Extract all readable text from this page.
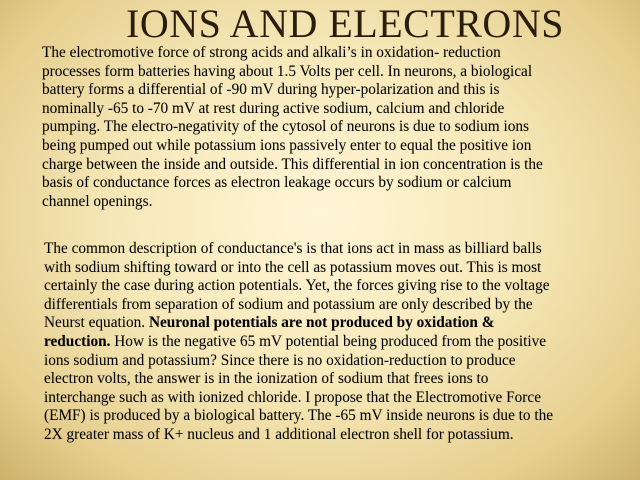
IONS AND ELECTRONS

The electromotive force of strong acids and alkali’s in oxidation- reduction
processes form batteries having about 1.5 Volts per cell. In neurons, a biological
battery forms a differential of -90 mV during hyper-polarization and this is
nominally -65 to -70 mV at rest during active sodium, calcium and chloride
pumping. The electro-negativity of the cytosol of neurons is due to sodium ions
being pumped out while potassium ions passively enter to equal the positive ion
charge between the inside and outside. This differential in ion concentration is the
basis of conductance forces as electron leakage occurs by sodium or calcium
channel openings.

The common description of conductance's is that ions act in mass as billiard balls
with sodium shifting toward or into the cell as potassium moves out. This is most
certainly the case during action potentials. Yet, the forces giving rise to the voltage
differentials from separation of sodium and potassium are only described by the
Neurst equation. Neuronal potentials are not produced by oxidation &
reduction. How is the negative 65 mV potential being produced from the positive
ions sodium and potassium? Since there is no oxidation-reduction to produce
electron volts, the answer is in the ionization of sodium that frees ions to
interchange such as with ionized chloride. I propose that the Electromotive Force
(EMF) is produced by a biological battery. The -65 mV inside neurons is due to the
2X greater mass of K+ nucleus and 1 additional electron shell for potassium.
